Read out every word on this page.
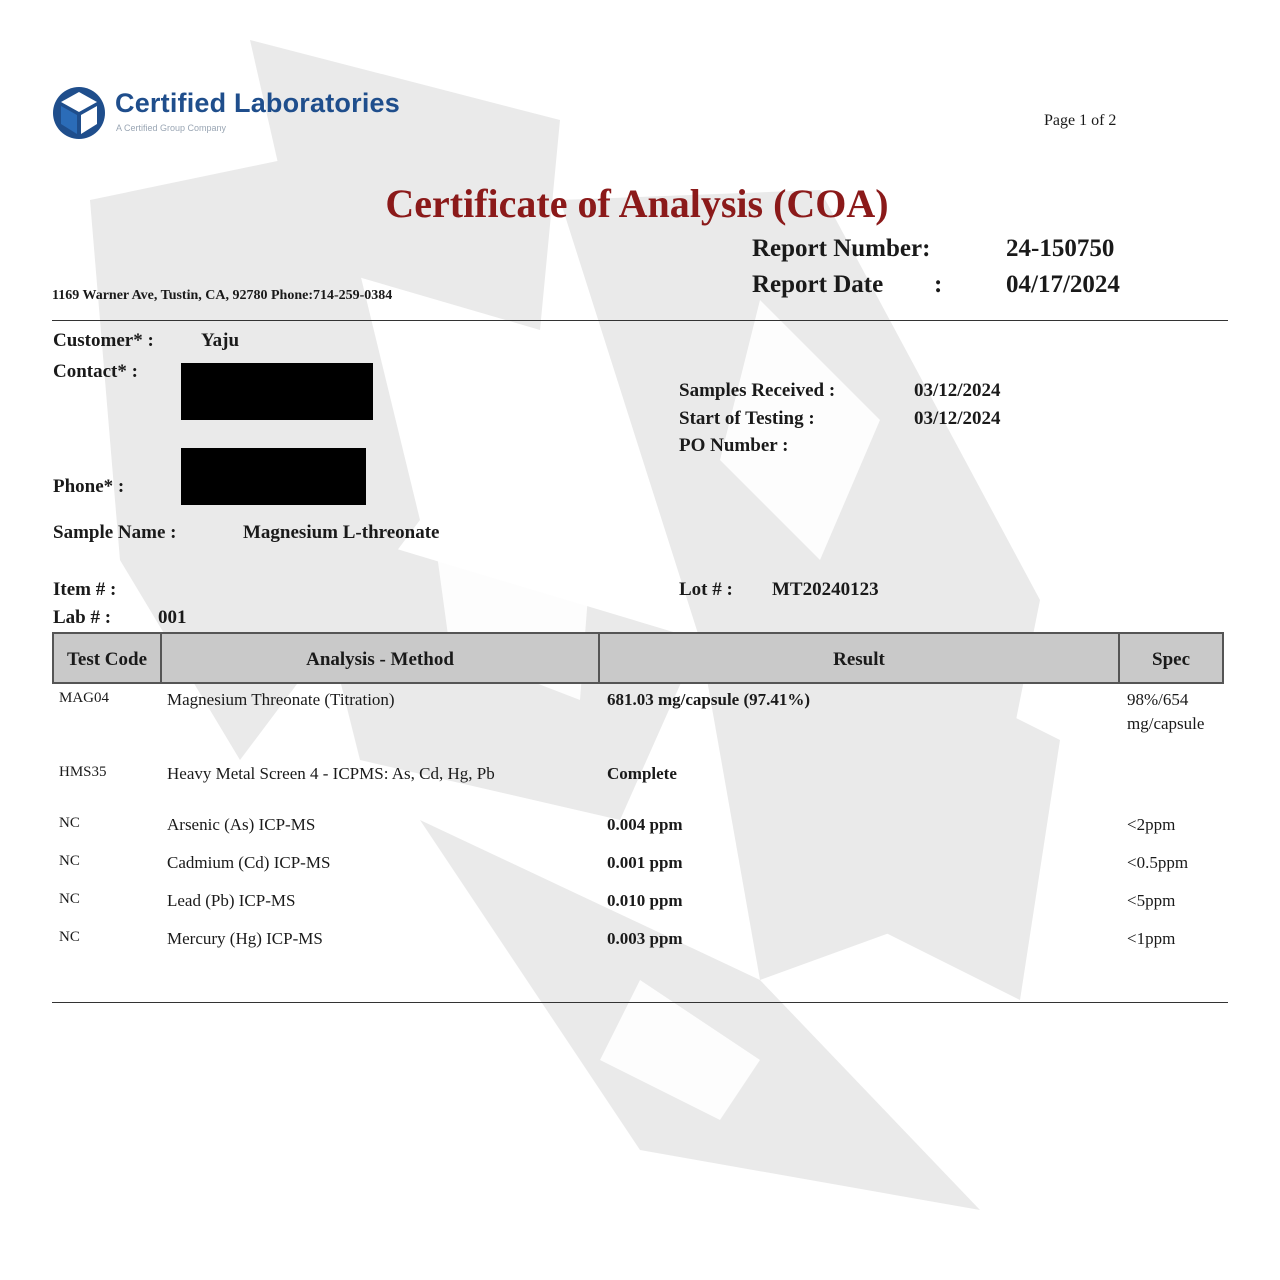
Certified Laboratories
A Certified Group Company	Page 1 of 2
Certificate of Analysis (COA)
Report Number:	24-150750
Report Date :	04/17/2024
1169 Warner Ave, Tustin, CA, 92780 Phone:714-259-0384
Customer* : Yaju
Contact* :
Phone* :
Sample Name :	Magnesium L-threonate
Item # :
Lab # : 001
Samples Received :	03/12/2024
Start of Testing :	03/12/2024
PO Number :
Lot # : MT20240123
Test Code	Analysis - Method	Result	Spec
MAG04	Magnesium Threonate (Titration)	681.03 mg/capsule (97.41%)	98%/654
mg/capsule
HMS35	Heavy Metal Screen 4 - ICPMS: As, Cd, Hg, Pb	Complete
NC	Arsenic (As) ICP-MS	0.004 ppm	<2ppm
NC	Cadmium (Cd) ICP-MS	0.001 ppm	<0.5ppm
NC	Lead (Pb) ICP-MS	0.010 ppm	<5ppm
NC	Mercury (Hg) ICP-MS	0.003 ppm	<1ppm
